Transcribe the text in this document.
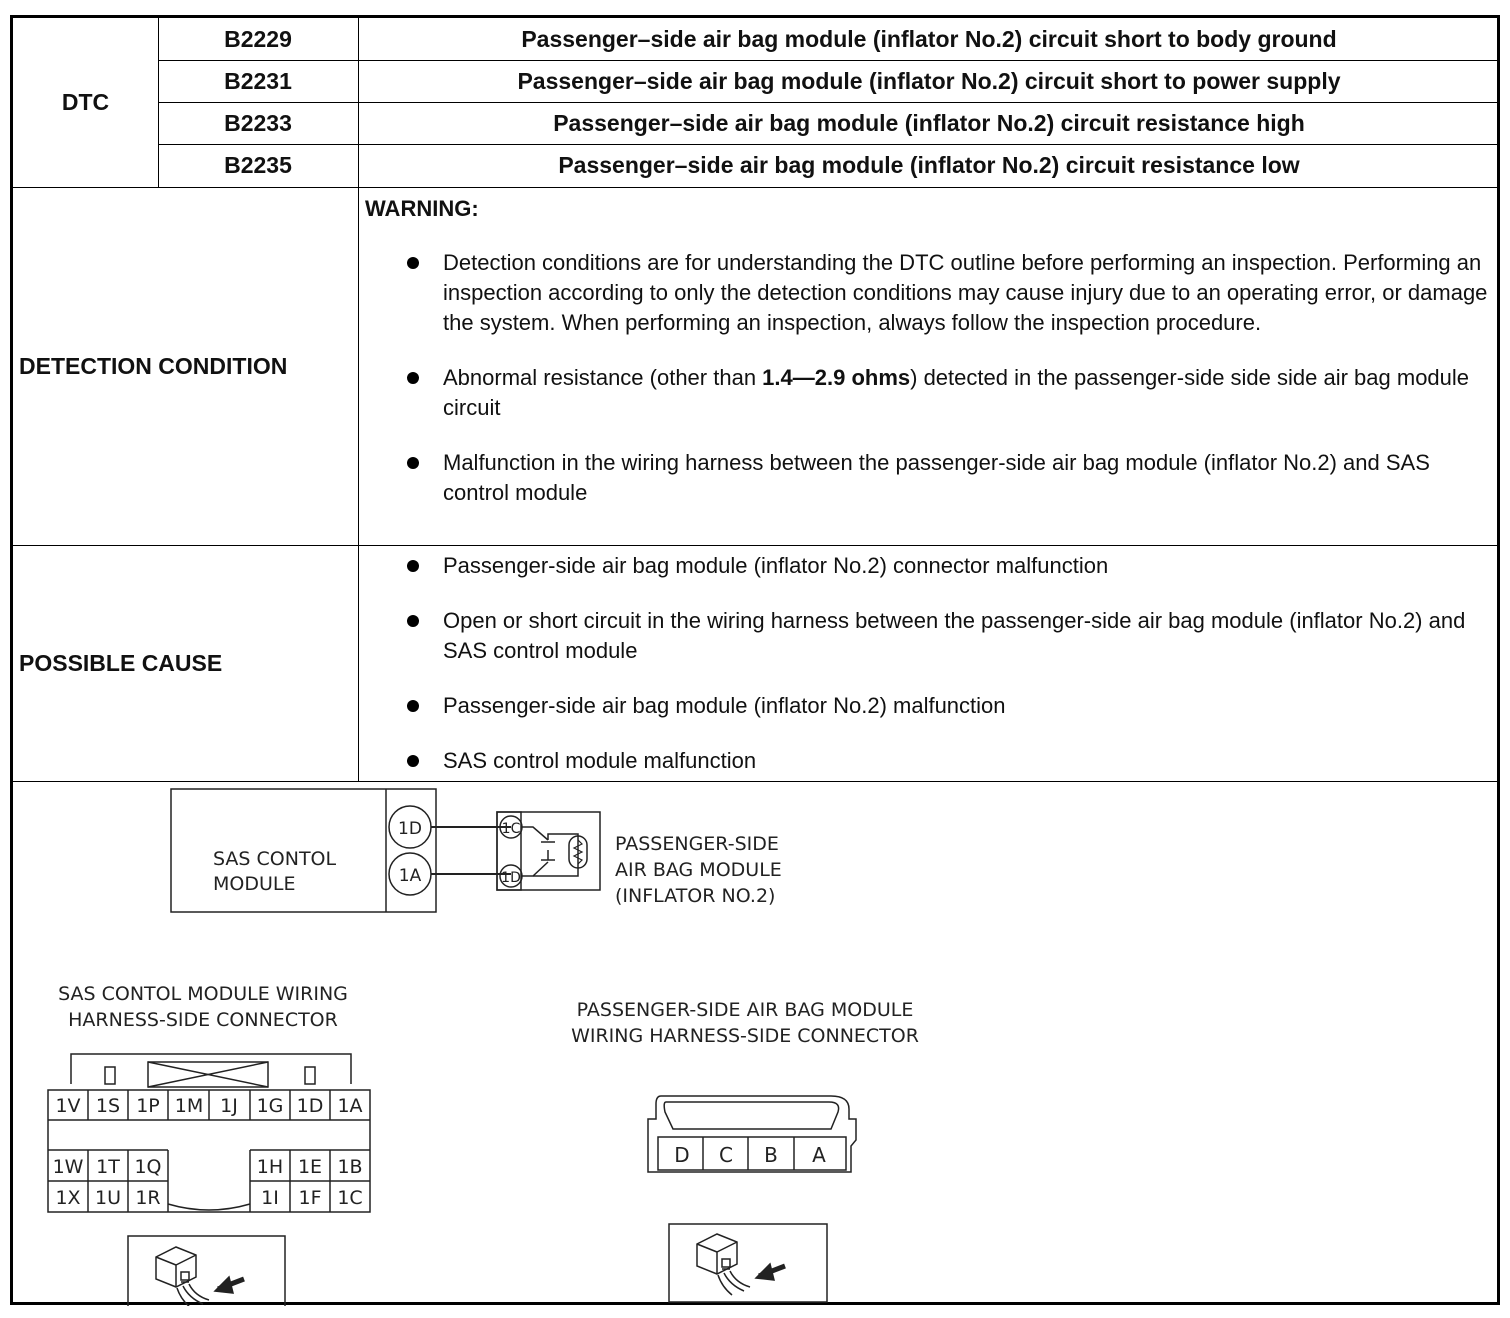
DTC
B2229
B2231
B2233
B2235
Passenger–side air bag module (inflator No.2) circuit short to body ground
Passenger–side air bag module (inflator No.2) circuit short to power supply
Passenger–side air bag module (inflator No.2) circuit resistance high
Passenger–side air bag module (inflator No.2) circuit resistance low
DETECTION CONDITION
WARNING:
Detection conditions are for understanding the DTC outline before performing an inspection. Performing an inspection according to only the detection conditions may cause injury due to an operating error, or damage the system. When performing an inspection, always follow the inspection procedure.
Abnormal resistance (other than 1.4—2.9 ohms) detected in the passenger-side side side air bag module circuit
Malfunction in the wiring harness between the passenger-side air bag module (inflator No.2) and SAS control module
POSSIBLE CAUSE
Passenger-side air bag module (inflator No.2) connector malfunction
Open or short circuit in the wiring harness between the passenger-side air bag module (inflator No.2) and SAS control module
Passenger-side air bag module (inflator No.2) malfunction
SAS control module malfunction
SAS CONTOL
MODULE
1D
1A
1C
1D
PASSENGER-SIDE
AIR BAG MODULE
(INFLATOR NO.2)
SAS CONTOL MODULE WIRING
HARNESS-SIDE CONNECTOR
1V 1S 1P 1M 1J 1G 1D 1A
1W 1T 1Q
1X 1U 1R
1H 1E 1B
1I 1F 1C
PASSENGER-SIDE AIR BAG MODULE
WIRING HARNESS-SIDE CONNECTOR
D C B A
